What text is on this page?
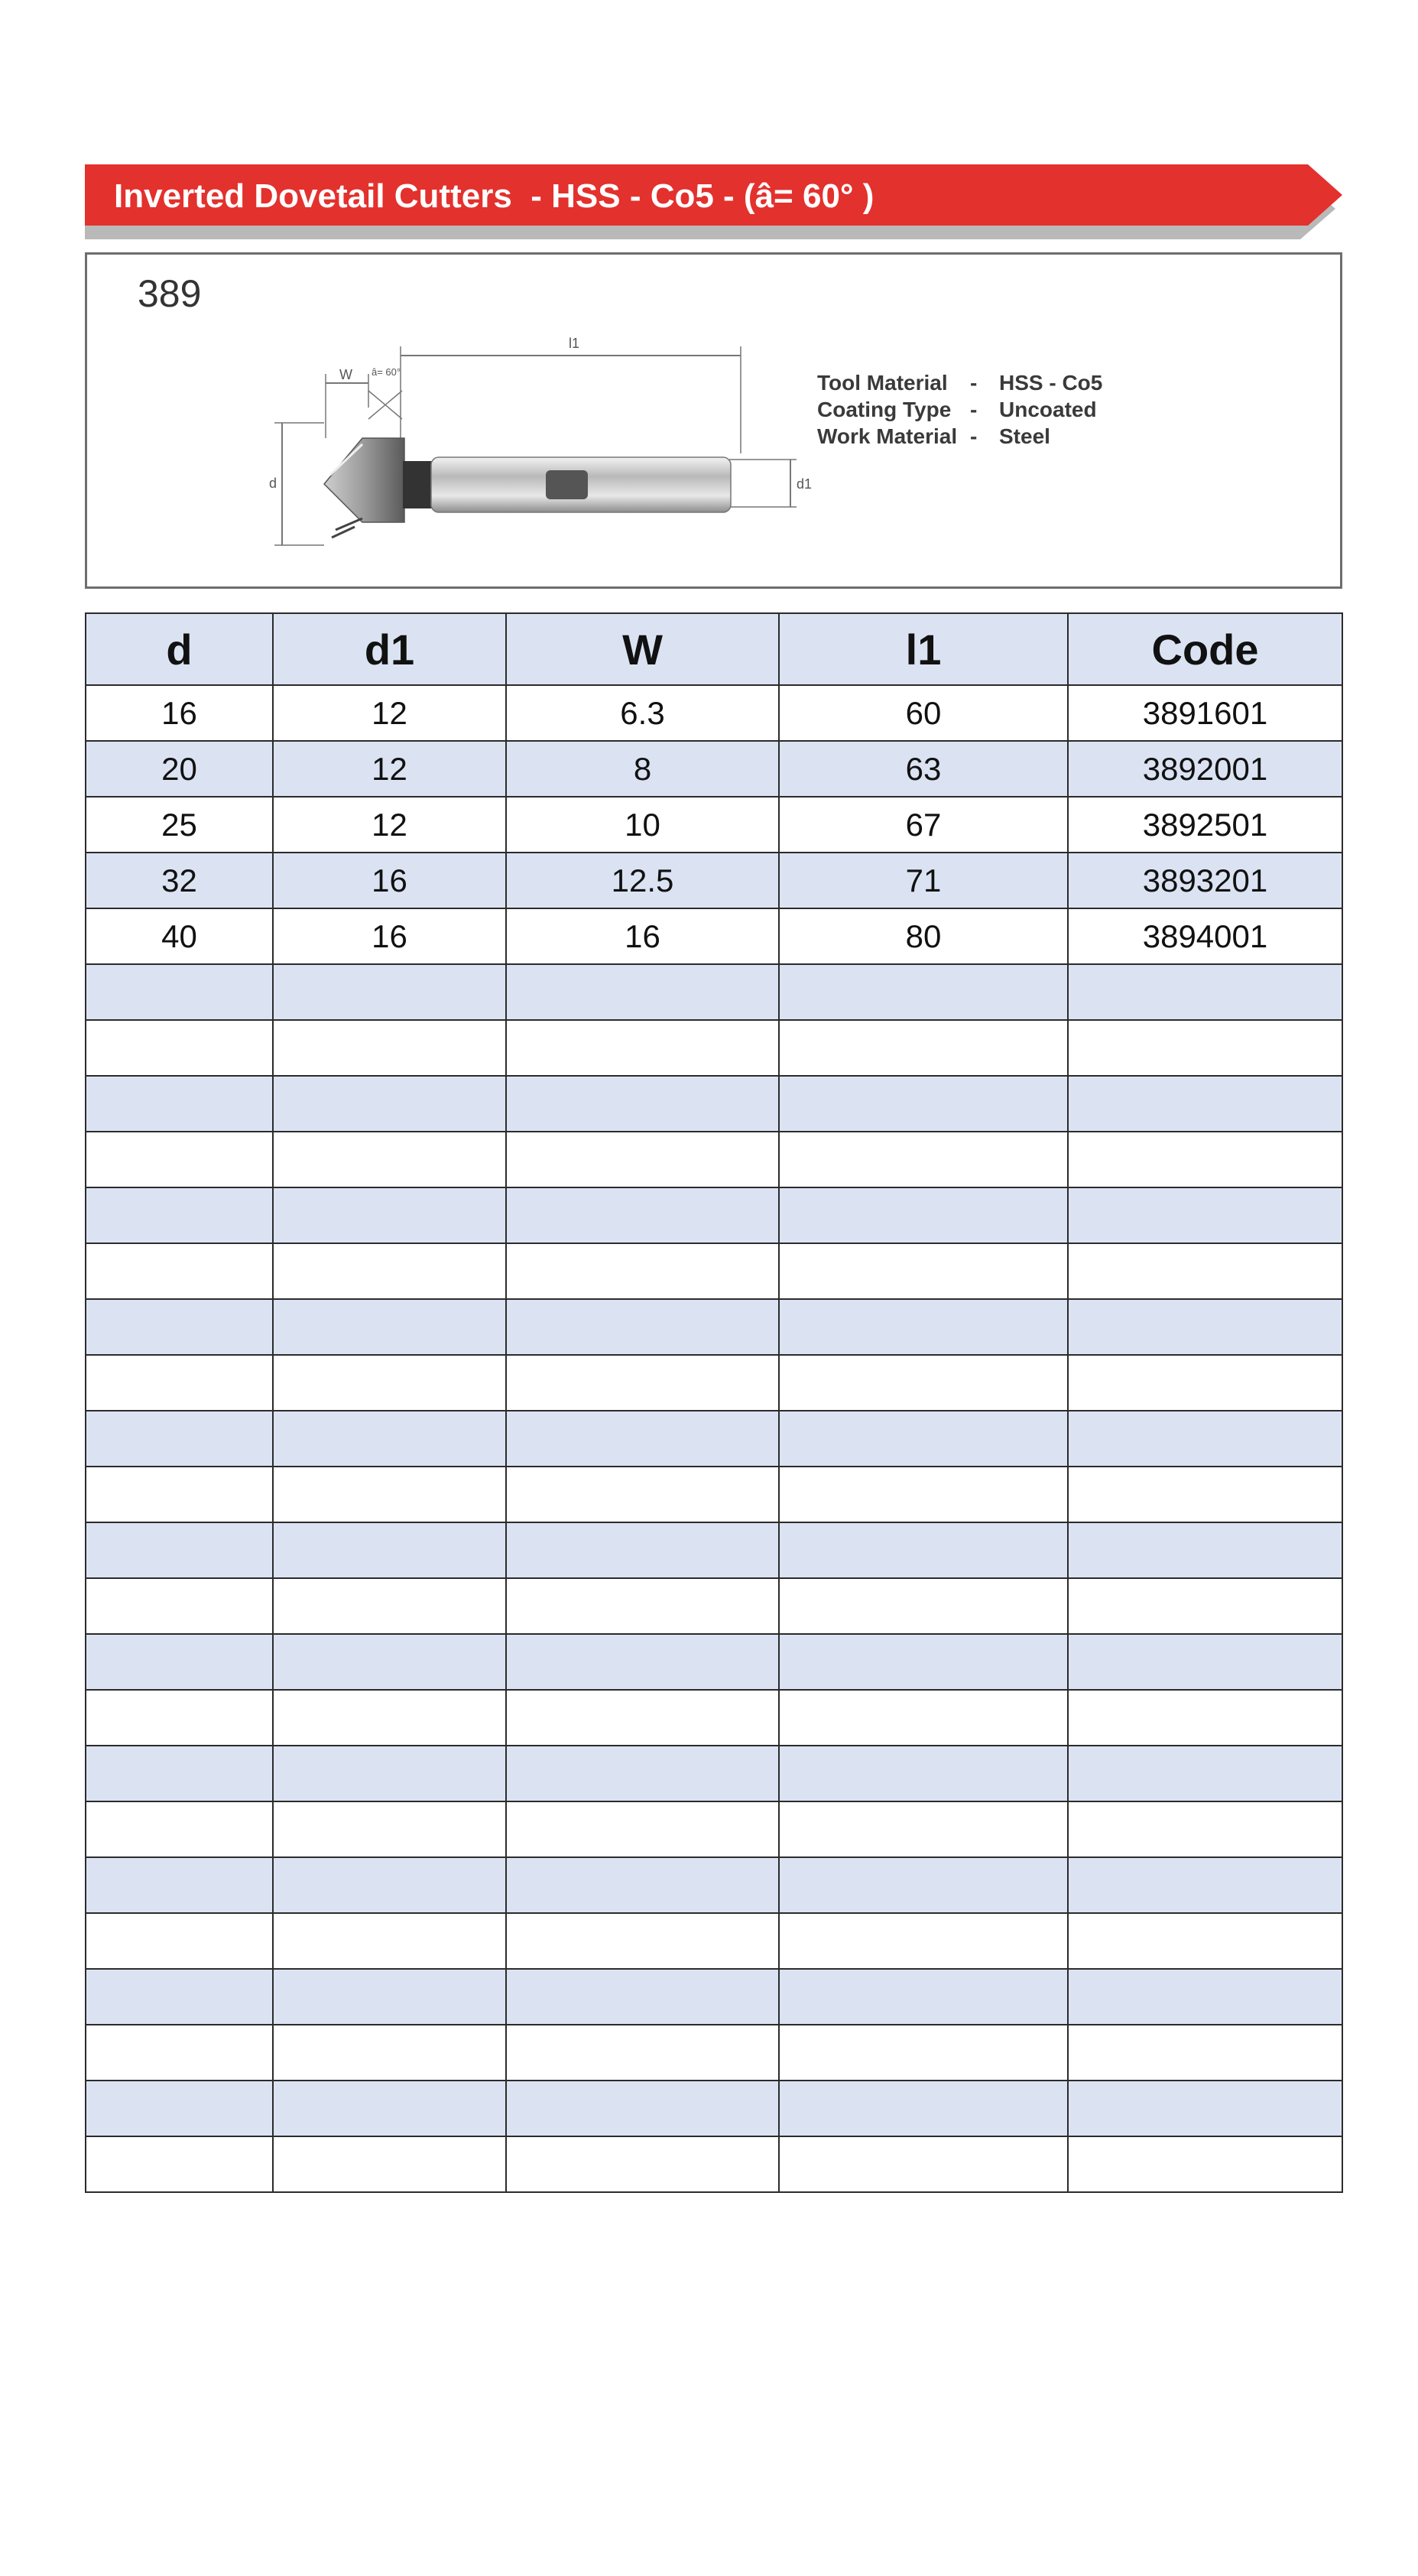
Inverted Dovetail Cutters  - HSS - Co5 - (â= 60° )
389
l1
W â= 60°
d	d1
Tool Material	-	HSS - Co5
Coating Type -	Uncoated
Work Material -	Steel
d	d1	W	l1	Code
16	12	6.3	60	3891601
20	12	8	63	3892001
25	12	10	67	3892501
32	16	12.5	71	3893201
40	16	16	80	3894001
